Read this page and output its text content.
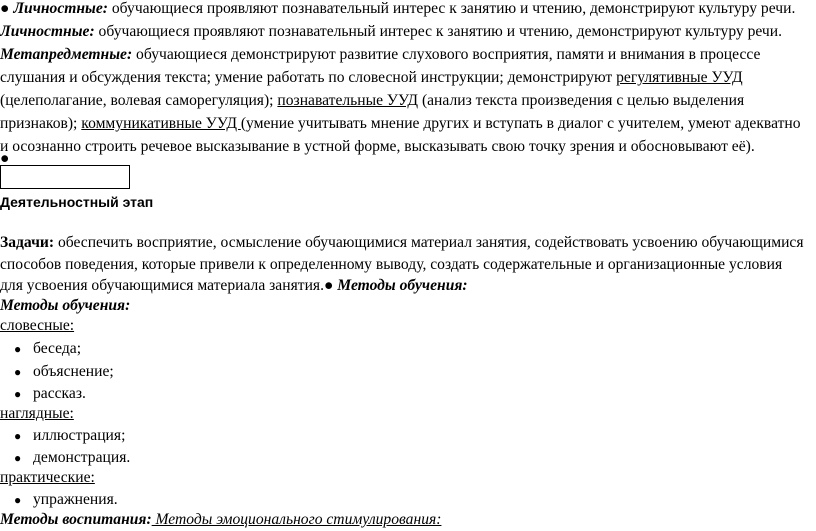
● Личностные: обучающиеся проявляют познавательный интерес к занятию и чтению, демонстрируют культуру речи.
Личностные: обучающиеся проявляют познавательный интерес к занятию и чтению, демонстрируют культуру речи.
Метапредметные: обучающиеся демонстрируют развитие слухового восприятия, памяти и внимания в процессе
слушания и обсуждения текста; умение работать по словесной инструкции; демонстрируют регулятивные УУД
(целеполагание, волевая саморегуляция); познавательные УУД (анализ текста произведения с целью выделения
признаков); коммуникативные УУД (умение учитывать мнение других и вступать в диалог с учителем, умеют адекватно
и осознанно строить речевое высказывание в устной форме, высказывать свою точку зрения и обосновывают её).
●
Деятельностный этап
Задачи: обеспечить восприятие, осмысление обучающимися материал занятия, содействовать усвоению обучающимися
способов поведения, которые привели к определенному выводу, создать содержательные и организационные условия
для усвоения обучающимися материала занятия.● Методы обучения:
Методы обучения:
словесные:
● беседа;
● объяснение;
● рассказ.
наглядные:
● иллюстрация;
● демонстрация.
практические:
● упражнения.
Методы воспитания: Методы эмоционального стимулирования:
